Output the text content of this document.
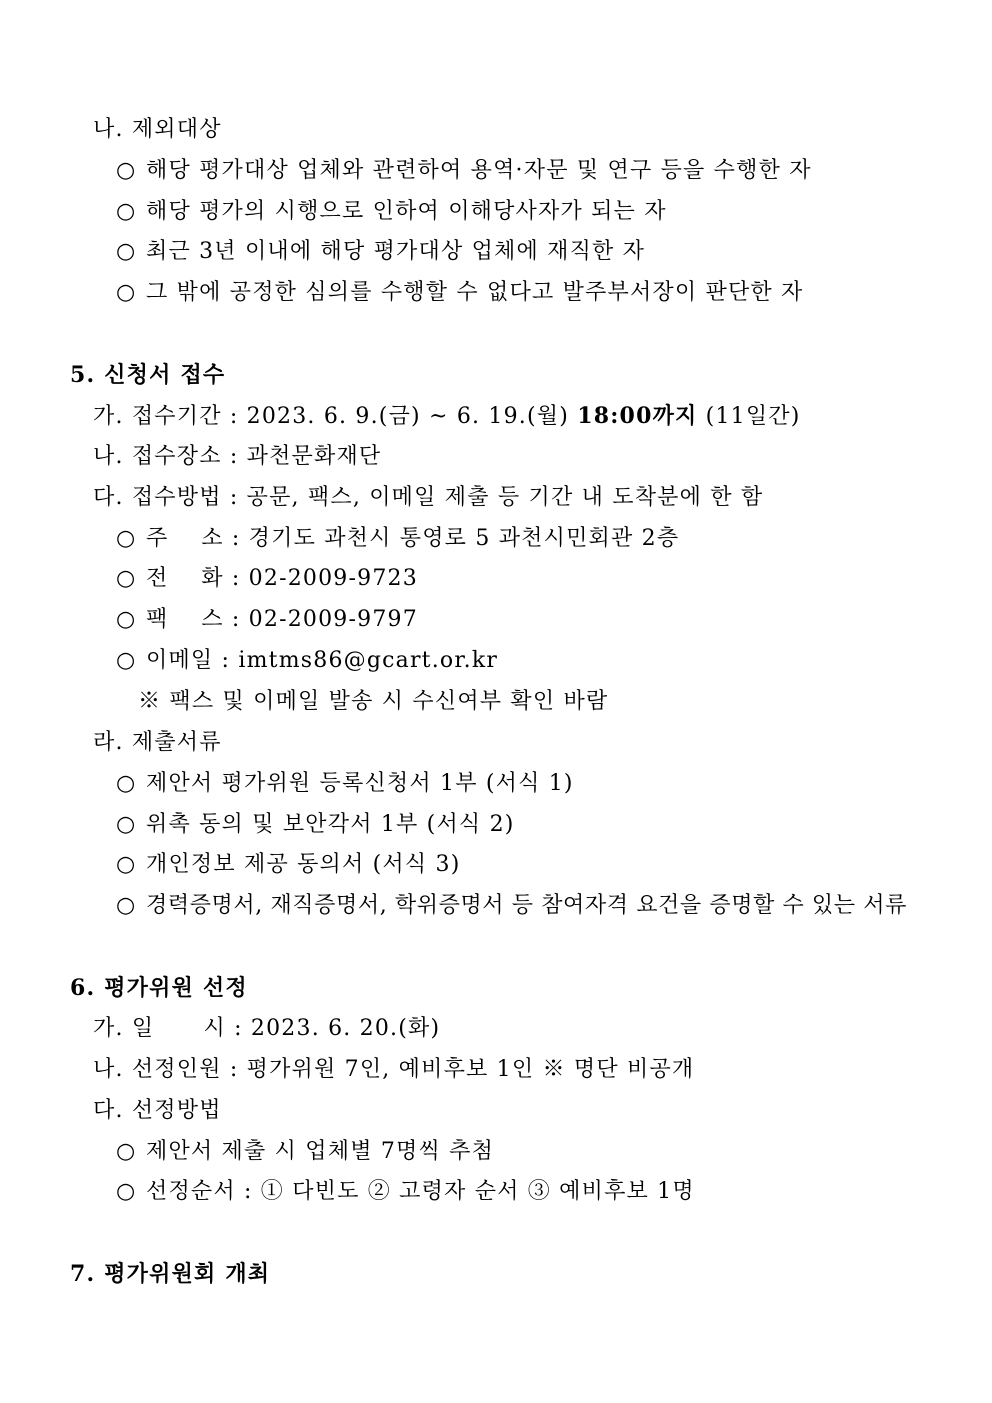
나. 제외대상
○ 해당 평가대상 업체와 관련하여 용역·자문 및 연구 등을 수행한 자
○ 해당 평가의 시행으로 인하여 이해당사자가 되는 자
○ 최근 3년 이내에 해당 평가대상 업체에 재직한 자
○ 그 밖에 공정한 심의를 수행할 수 없다고 발주부서장이 판단한 자
5. 신청서 접수
가. 접수기간 : 2023. 6. 9.(금) ~ 6. 19.(월) 18:00까지 (11일간)
나. 접수장소 : 과천문화재단
다. 접수방법 : 공문, 팩스, 이메일 제출 등 기간 내 도착분에 한 함
○ 주    소 : 경기도 과천시 통영로 5 과천시민회관 2층
○ 전    화 : 02-2009-9723
○ 팩    스 : 02-2009-9797
○ 이메일 : imtms86@gcart.or.kr
※ 팩스 및 이메일 발송 시 수신여부 확인 바람
라. 제출서류
○ 제안서 평가위원 등록신청서 1부 (서식 1)
○ 위촉 동의 및 보안각서 1부 (서식 2)
○ 개인정보 제공 동의서 (서식 3)
○ 경력증명서, 재직증명서, 학위증명서 등 참여자격 요건을 증명할 수 있는 서류
6. 평가위원 선정
가. 일      시 : 2023. 6. 20.(화)
나. 선정인원 : 평가위원 7인, 예비후보 1인 ※ 명단 비공개
다. 선정방법
○ 제안서 제출 시 업체별 7명씩 추첨
○ 선정순서 : ① 다빈도 ② 고령자 순서 ③ 예비후보 1명
7. 평가위원회 개최
